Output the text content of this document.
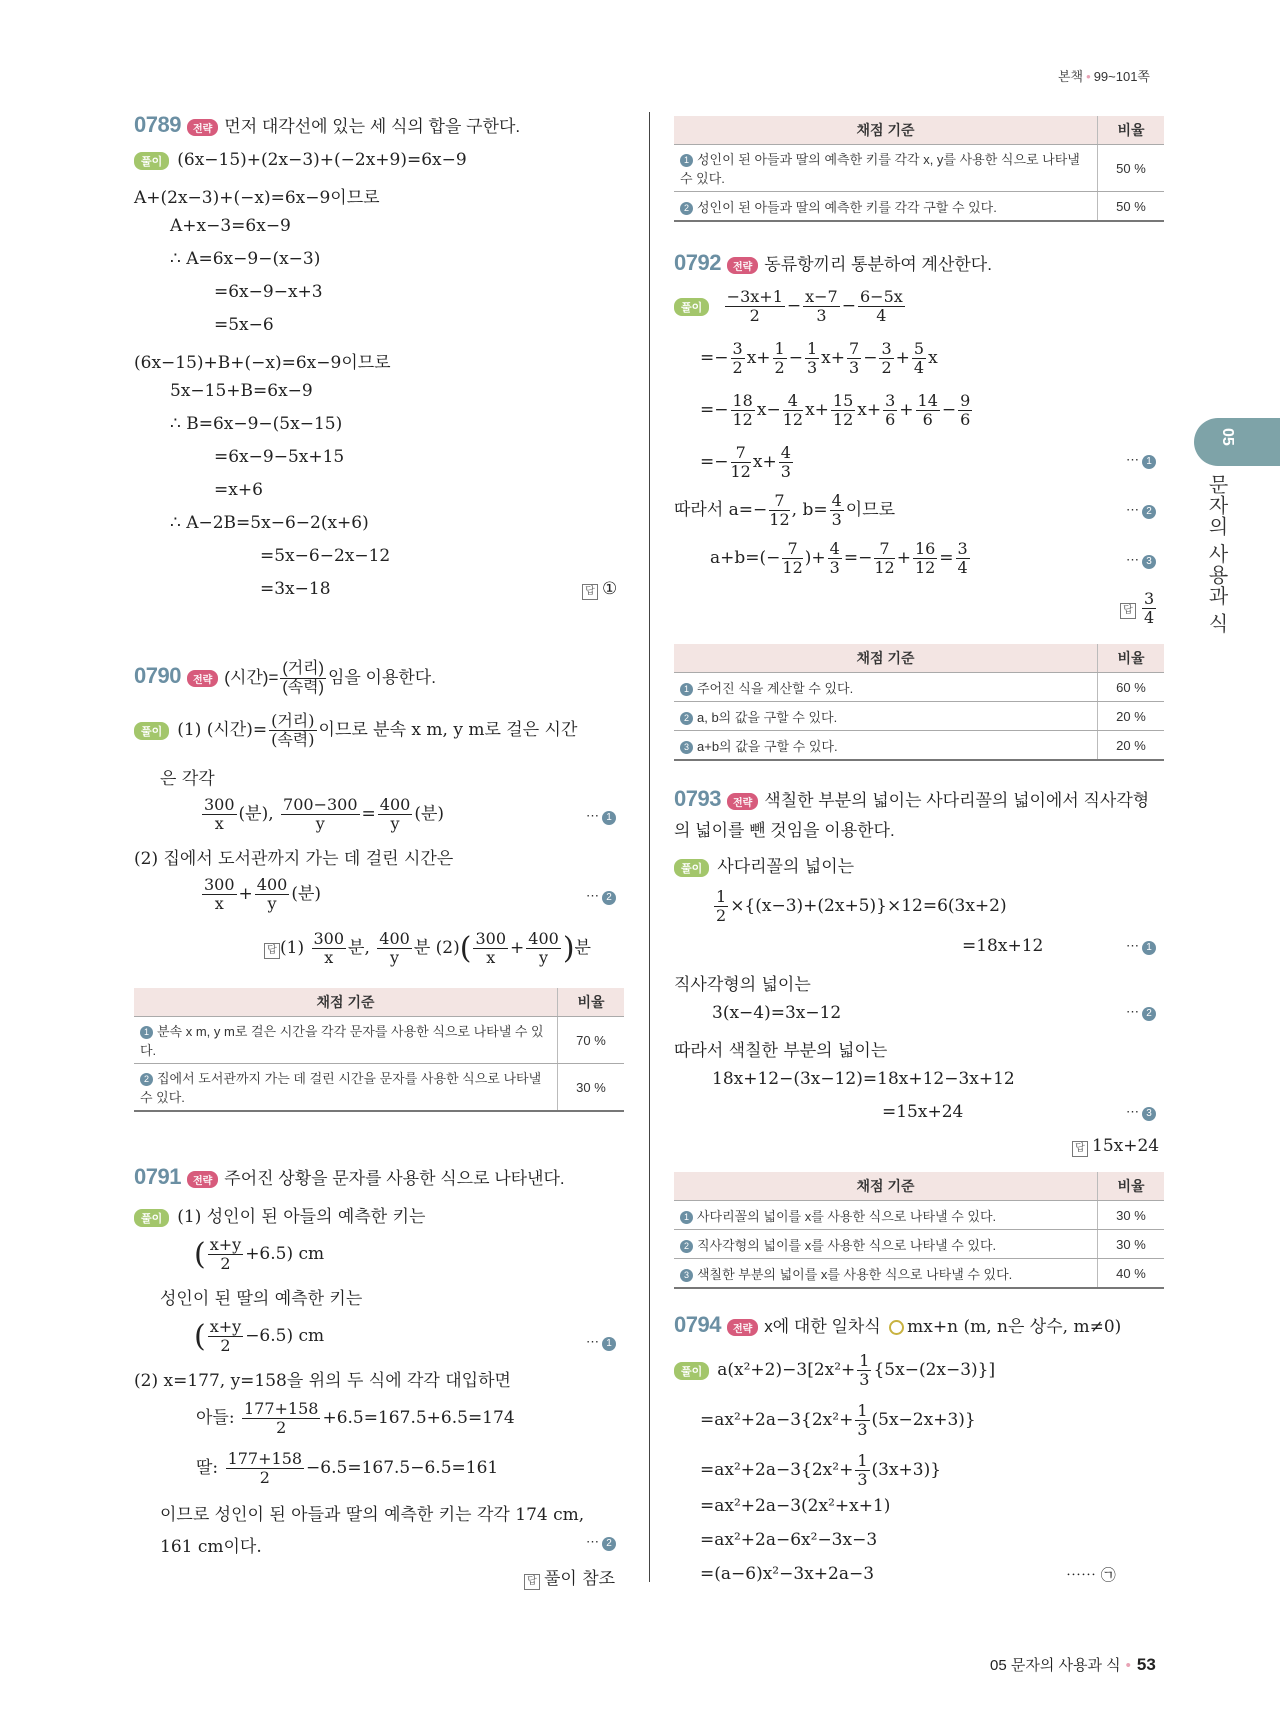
본책 • 99~101쪽
05
문자의 사용과 식
0789 전략 먼저 대각선에 있는 세 식의 합을 구한다.
풀이 (6x−15)+(2x−3)+(−2x+9)=6x−9
A+(2x−3)+(−x)=6x−9이므로
A+x−3=6x−9
∴ A=6x−9−(x−3)
=6x−9−x+3
=5x−6
(6x−15)+B+(−x)=6x−9이므로
5x−15+B=6x−9
∴ B=6x−9−(5x−15)
=6x−9−5x+15
=x+6
∴ A−2B=5x−6−2(x+6)
=5x−6−2x−12
=3x−18	답 ①
0790 전략 (시간)= $\frac{\text{(거리)}}{\text{(속력)}}$ 임을 이용한다.
풀이 (1) (시간)= $\frac{\text{(거리)}}{\text{(속력)}}$ 이므로 분속 x m, y m로 걸은 시간
은 각각
$\frac{300}{x}$ (분), $\frac{700-300}{y} = \frac{400}{y}$ (분)	⋯ 1
(2) 집에서 도서관까지 가는 데 걸린 시간은
$\frac{300}{x} + \frac{400}{y}$ (분)	⋯ 2
답 $(1) \frac{300}{x}$ 분, $\frac{400}{y}$ 분 $(2)( \frac{300}{x} + \frac{400}{y}$ )분
채점 기준	비율
1 분속 x m, y m로 걸은 시간을 각각 문자를 사용한 식으로 나타낼 수 있다.	70 %
2 집에서 도서관까지 가는 데 걸린 시간을 문자를 사용한 식으로 나타낼 수 있다.	30 %
0791 전략 주어진 상황을 문자를 사용한 식으로 나타낸다.
풀이 (1) 성인이 된 아들의 예측한 키는
( $\frac{x+y}{2} +6.5$) cm
성인이 된 딸의 예측한 키는
( $\frac{x+y}{2} -6.5$) cm	⋯ 1
(2) x=177, y=158을 위의 두 식에 각각 대입하면
아들: $\frac{177+158}{2} +6.5=167.5+6.5=174$
딸: $\frac{177+158}{2} -6.5=167.5-6.5=161$
이므로 성인이 된 아들과 딸의 예측한 키는 각각 174 cm,
161 cm이다.	⋯ 2
답 풀이 참조
채점 기준	비율
1 성인이 된 아들과 딸의 예측한 키를 각각 x, y를 사용한 식으로 나타낼 수 있다.	50 %
2 성인이 된 아들과 딸의 예측한 키를 각각 구할 수 있다.	50 %
0792 전략 동류항끼리 통분하여 계산한다.
풀이 $\frac{-3x+1}{2} - \frac{x-7}{3} - \frac{6-5x}{4}$
=− $\frac{3}{2} x+ \frac{1}{2} - \frac{1}{3} x+ \frac{7}{3} - \frac{3}{2} + \frac{5}{4}$ x
=− $\frac{18}{12} x- \frac{4}{12} x+ \frac{15}{12} x+ \frac{3}{6} + \frac{14}{6} - \frac{9}{6}$
=− $\frac{7}{12} x+ \frac{4}{3}$	⋯ 1
따라서 $a=- \frac{7}{12}$ , $b= \frac{4}{3}$ 이므로	⋯ 2
$a+b=(- \frac{7}{12}$ )+ $\frac{4}{3} =- \frac{7}{12} + \frac{16}{12} = \frac{3}{4}$	⋯ 3
답 $\frac{3}{4}$
채점 기준	비율
1 주어진 식을 계산할 수 있다.	60 %
2 a, b의 값을 구할 수 있다.	20 %
3 a+b의 값을 구할 수 있다.	20 %
0793 전략 색칠한 부분의 넓이는 사다리꼴의 넓이에서 직사각형
의 넓이를 뺀 것임을 이용한다.
풀이 사다리꼴의 넓이는
$\frac{1}{2} \times\{(x-3)+(2x+5)\}\times 12=6(3x+2)$
=18x+12	⋯ 1
직사각형의 넓이는
3(x−4)=3x−12	⋯ 2
따라서 색칠한 부분의 넓이는
18x+12−(3x−12)=18x+12−3x+12
=15x+24	⋯ 3
답 15x+24
채점 기준	비율
1 사다리꼴의 넓이를 x를 사용한 식으로 나타낼 수 있다.	30 %
2 직사각형의 넓이를 x를 사용한 식으로 나타낼 수 있다.	30 %
3 색칠한 부분의 넓이를 x를 사용한 식으로 나타낼 수 있다.	40 %
0794 전략 x에 대한 일차식 mx+n (m, n은 상수, m≠0)
풀이 $a(x^2+2)-3[2x^2+ \frac{1}{3} \{5x-(2x-3)\}]$
$=ax^2+2a-3\{2x^2+ \frac{1}{3} (5x-2x+3)\}$
$=ax^2+2a-3\{2x^2+ \frac{1}{3} (3x+3)\}$
=ax²+2a−3(2x²+x+1)
=ax²+2a−6x²−3x−3
=(a−6)x²−3x+2a−3	⋯⋯ ㉠
05 문자의 사용과 식 • 53
